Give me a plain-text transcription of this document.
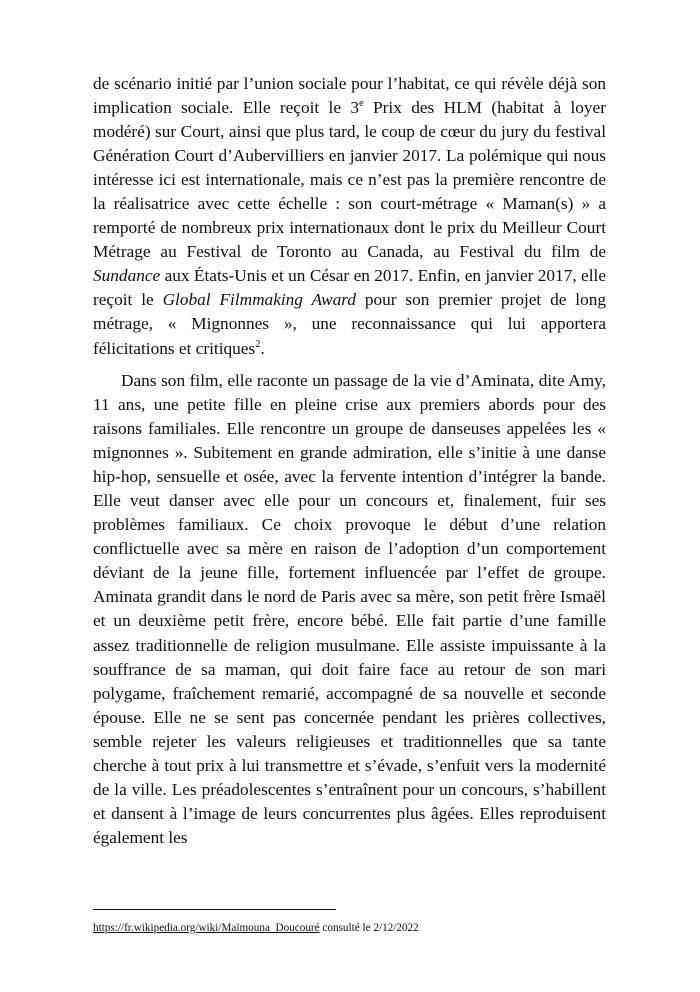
de scénario initié par l’union sociale pour l’habitat, ce qui révèle déjà son implication sociale. Elle reçoit le 3e Prix des HLM (habitat à loyer modéré) sur Court, ainsi que plus tard, le coup de cœur du jury du festival Génération Court d’Aubervilliers en janvier 2017. La polémique qui nous intéresse ici est internationale, mais ce n’est pas la première rencontre de la réalisatrice avec cette échelle : son court-métrage « Maman(s) » a remporté de nombreux prix internationaux dont le prix du Meilleur Court Métrage au Festival de Toronto au Canada, au Festival du film de Sundance aux États-Unis et un César en 2017. Enfin, en janvier 2017, elle reçoit le Global Filmmaking Award pour son premier projet de long métrage, « Mignonnes », une reconnaissance qui lui apportera félicitations et critiques$^2$.

Dans son film, elle raconte un passage de la vie d’Aminata, dite Amy, 11 ans, une petite fille en pleine crise aux premiers abords pour des raisons familiales. Elle rencontre un groupe de danseuses appelées les « mignonnes ». Subitement en grande admiration, elle s’initie à une danse hip-hop, sensuelle et osée, avec la fervente intention d’intégrer la bande. Elle veut danser avec elle pour un concours et, finalement, fuir ses problèmes familiaux. Ce choix provoque le début d’une relation conflictuelle avec sa mère en raison de l’adoption d’un comportement déviant de la jeune fille, fortement influencée par l’effet de groupe. Aminata grandit dans le nord de Paris avec sa mère, son petit frère Ismaël et un deuxième petit frère, encore bébé. Elle fait partie d’une famille assez traditionnelle de religion musulmane. Elle assiste impuissante à la souffrance de sa maman, qui doit faire face au retour de son mari polygame, fraîchement remarié, accompagné de sa nouvelle et seconde épouse. Elle ne se sent pas concernée pendant les prières collectives, semble rejeter les valeurs religieuses et traditionnelles que sa tante cherche à tout prix à lui transmettre et s’évade, s’enfuit vers la modernité de la ville. Les préadolescentes s’entraînent pour un concours, s’habillent et dansent à l’image de leurs concurrentes plus âgées. Elles reproduisent également les

https://fr.wikipedia.org/wiki/Maïmouna_Doucouré consulté le 2/12/2022
